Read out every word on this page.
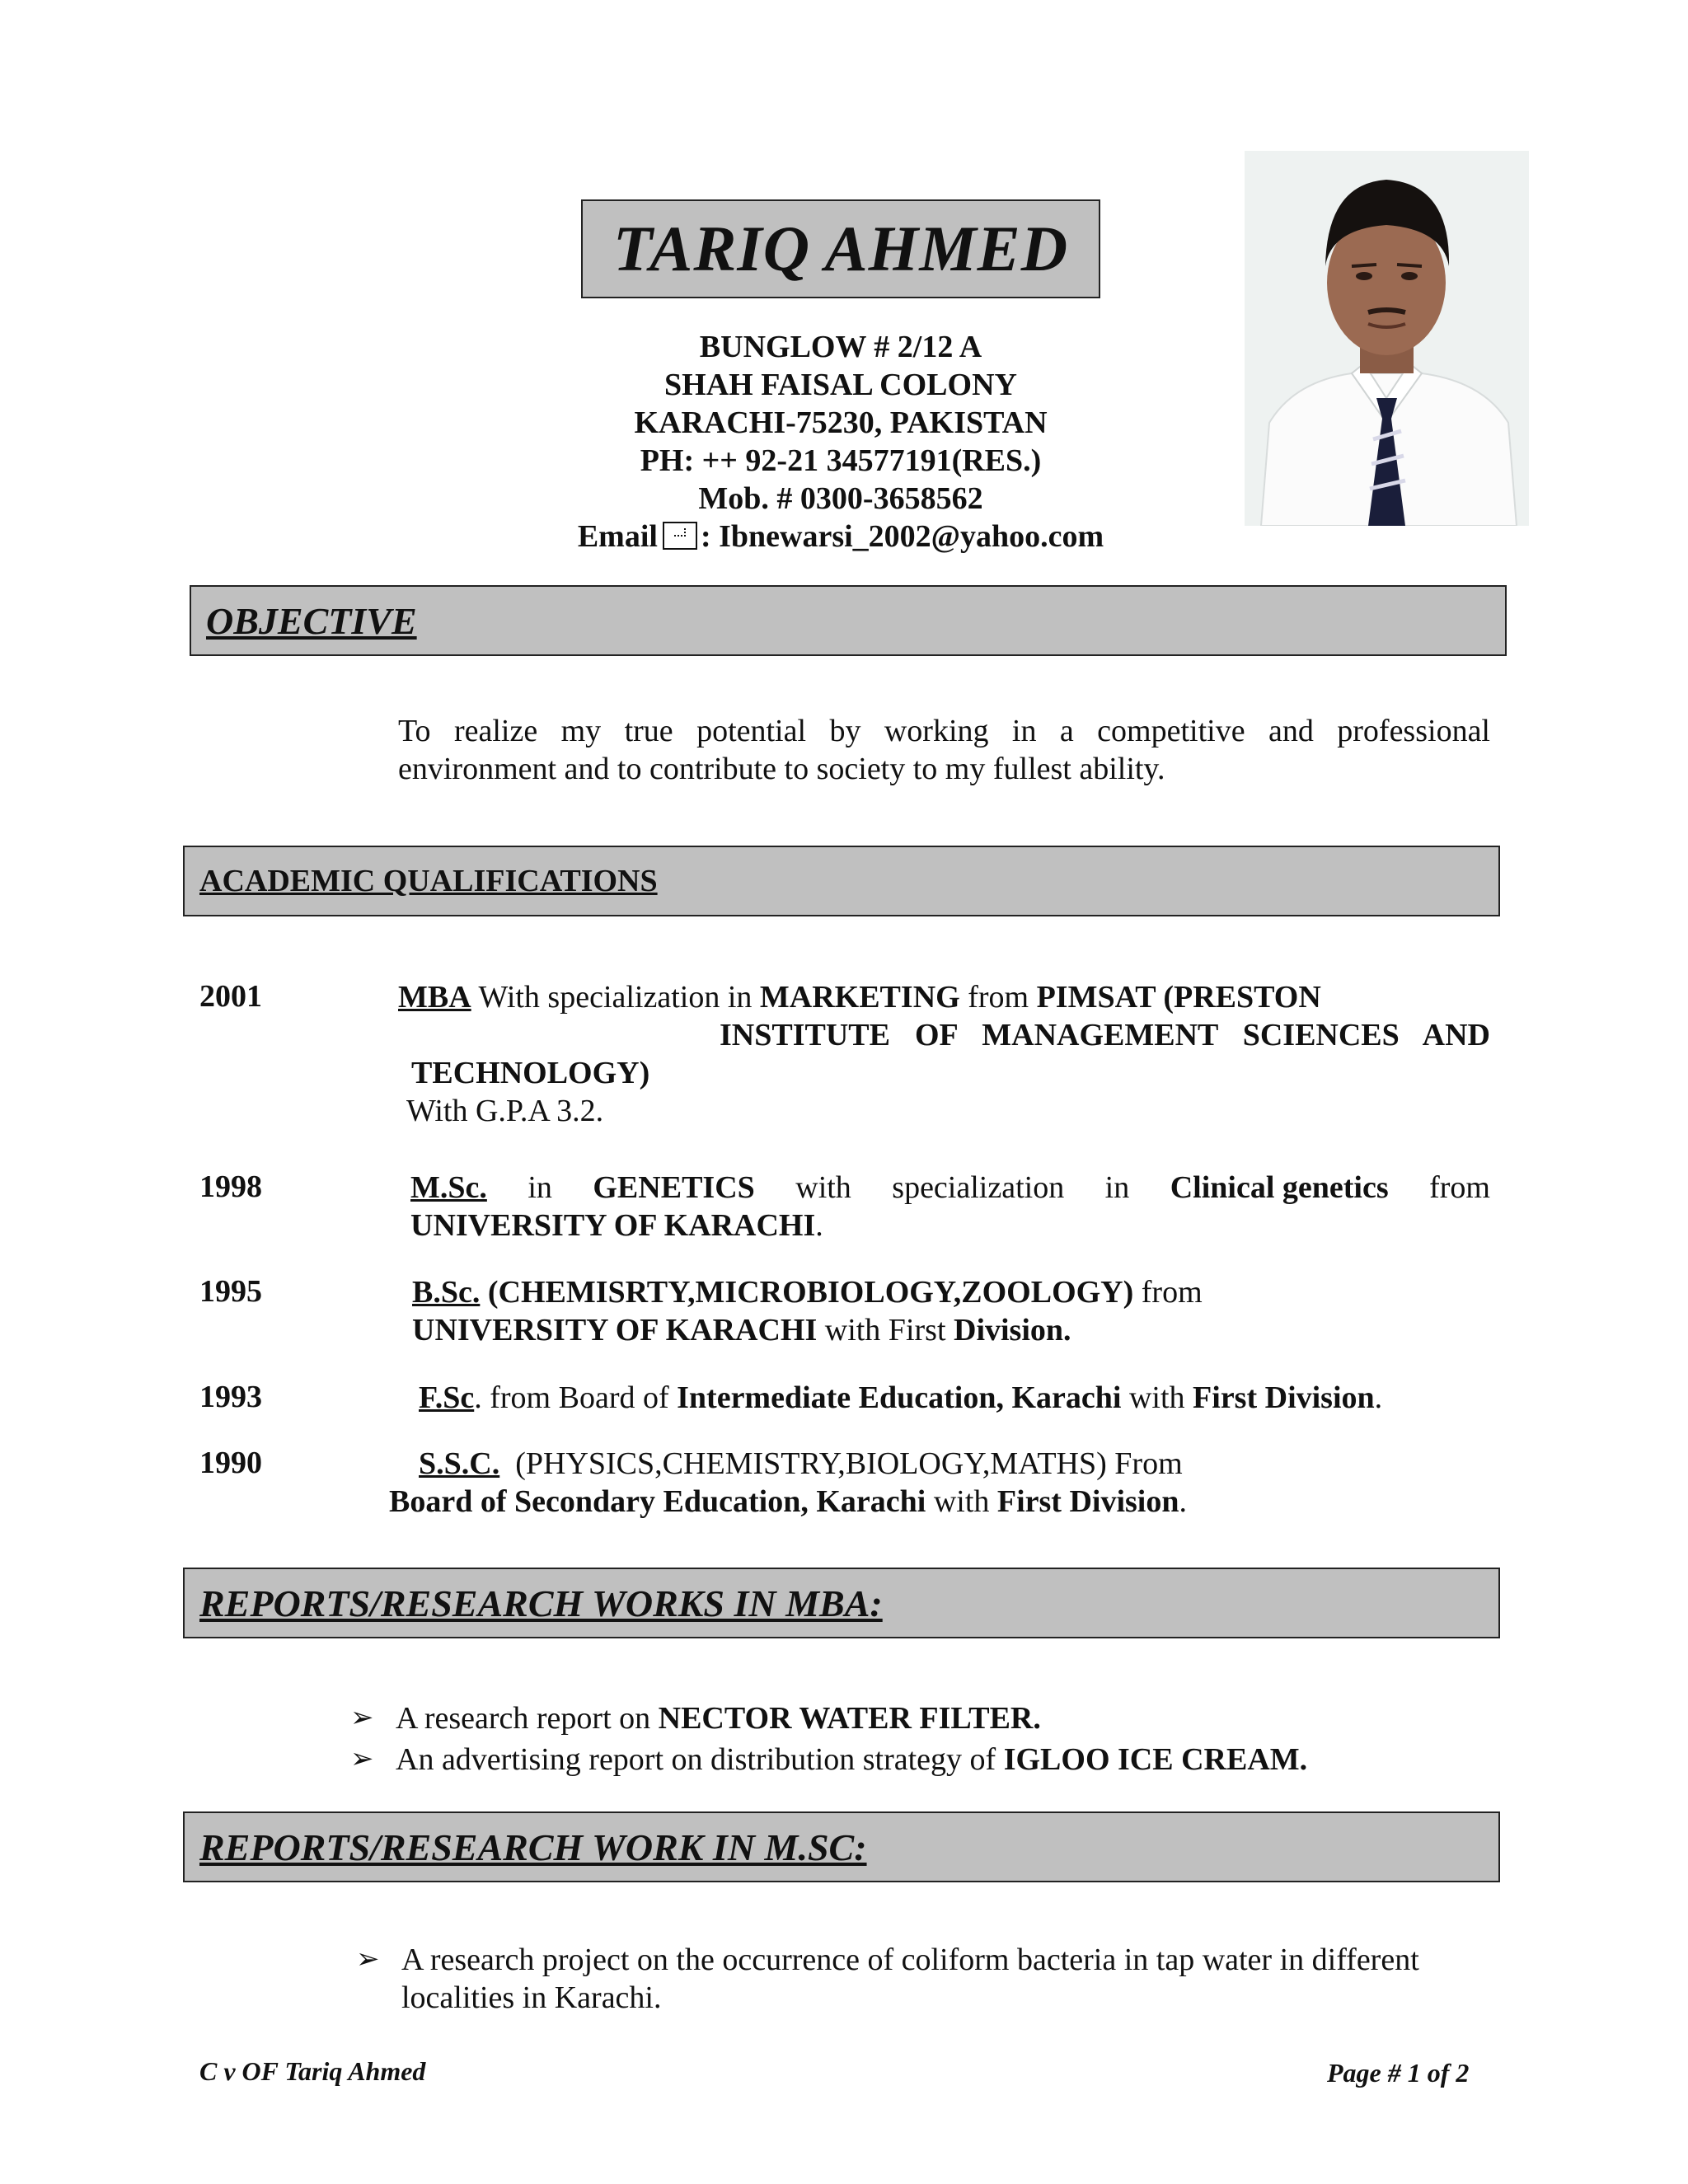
TARIQ AHMED
BUNGLOW # 2/12 A
SHAH FAISAL COLONY
KARACHI-75230, PAKISTAN
PH: ++ 92-21 34577191(RES.)
Mob. # 0300-3658562
Email : Ibnewarsi_2002@yahoo.com
OBJECTIVE
To realize my true potential by working in a competitive and professional
environment and to contribute to society to my fullest ability.
ACADEMIC QUALIFICATIONS
2001	MBA With specialization in MARKETING from PIMSAT (PRESTON
INSTITUTE OF MANAGEMENT SCIENCES AND
TECHNOLOGY)
With G.P.A 3.2.
1998	M.Sc. in GENETICS with specialization in Clinical genetics from
UNIVERSITY OF KARACHI.
1995	B.Sc. (CHEMISRTY,MICROBIOLOGY,ZOOLOGY) from
UNIVERSITY OF KARACHI with First Division.
1993	F.Sc. from Board of Intermediate Education, Karachi with First Division.
1990	S.S.C.  (PHYSICS,CHEMISTRY,BIOLOGY,MATHS) From
Board of Secondary Education, Karachi with First Division.
REPORTS/RESEARCH WORKS IN MBA:
➢ A research report on NECTOR WATER FILTER.
➢ An advertising report on distribution strategy of IGLOO ICE CREAM.
REPORTS/RESEARCH WORK IN M.SC:
➢ A research project on the occurrence of coliform bacteria in tap water in different
localities in Karachi.
C v OF Tariq Ahmed	Page # 1 of 2
